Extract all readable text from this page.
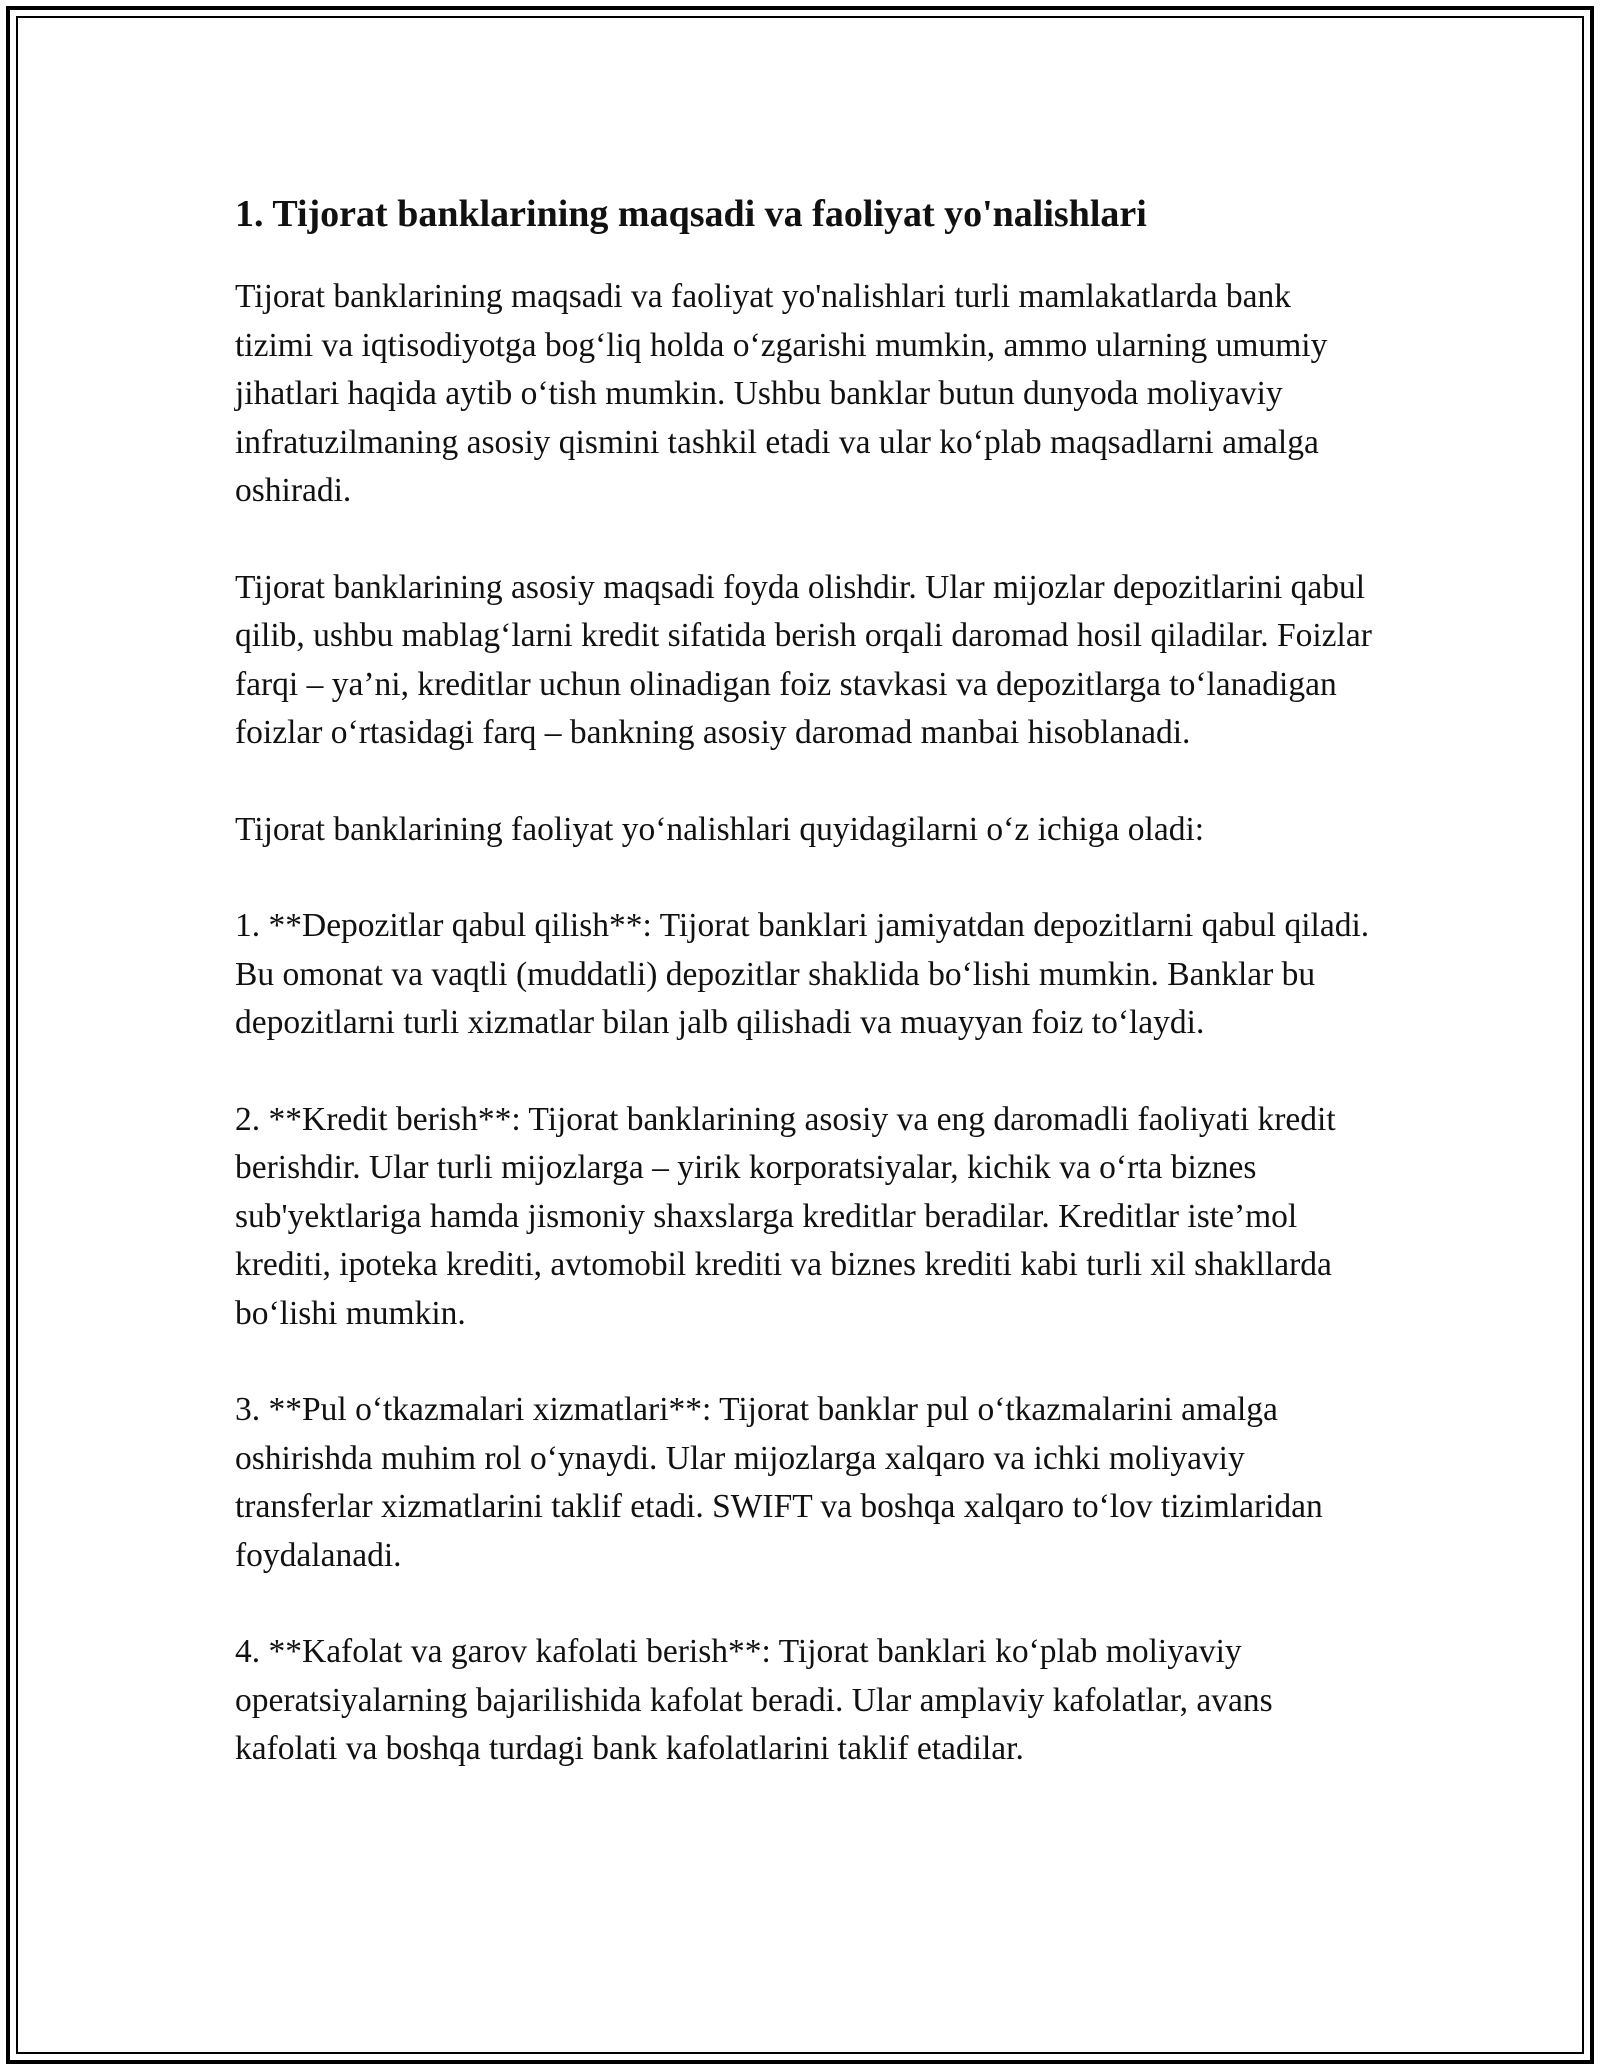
1. Tijorat banklarining maqsadi va faoliyat yo'nalishlari

Tijorat banklarining maqsadi va faoliyat yo'nalishlari turli mamlakatlarda bank tizimi va iqtisodiyotga bog‘liq holda o‘zgarishi mumkin, ammo ularning umumiy jihatlari haqida aytib o‘tish mumkin. Ushbu banklar butun dunyoda moliyaviy infratuzilmaning asosiy qismini tashkil etadi va ular ko‘plab maqsadlarni amalga oshiradi.

Tijorat banklarining asosiy maqsadi foyda olishdir. Ular mijozlar depozitlarini qabul qilib, ushbu mablag‘larni kredit sifatida berish orqali daromad hosil qiladilar. Foizlar farqi – ya’ni, kreditlar uchun olinadigan foiz stavkasi va depozitlarga to‘lanadigan foizlar o‘rtasidagi farq – bankning asosiy daromad manbai hisoblanadi.

Tijorat banklarining faoliyat yo‘nalishlari quyidagilarni o‘z ichiga oladi:

1. **Depozitlar qabul qilish**: Tijorat banklari jamiyatdan depozitlarni qabul qiladi. Bu omonat va vaqtli (muddatli) depozitlar shaklida bo‘lishi mumkin. Banklar bu depozitlarni turli xizmatlar bilan jalb qilishadi va muayyan foiz to‘laydi.

2. **Kredit berish**: Tijorat banklarining asosiy va eng daromadli faoliyati kredit berishdir. Ular turli mijozlarga – yirik korporatsiyalar, kichik va o‘rta biznes sub'yektlariga hamda jismoniy shaxslarga kreditlar beradilar. Kreditlar iste’mol krediti, ipoteka krediti, avtomobil krediti va biznes krediti kabi turli xil shakllarda bo‘lishi mumkin.

3. **Pul o‘tkazmalari xizmatlari**: Tijorat banklar pul o‘tkazmalarini amalga oshirishda muhim rol o‘ynaydi. Ular mijozlarga xalqaro va ichki moliyaviy transferlar xizmatlarini taklif etadi. SWIFT va boshqa xalqaro to‘lov tizimlaridan foydalanadi.

4. **Kafolat va garov kafolati berish**: Tijorat banklari ko‘plab moliyaviy operatsiyalarning bajarilishida kafolat beradi. Ular amplaviy kafolatlar, avans kafolati va boshqa turdagi bank kafolatlarini taklif etadilar.
